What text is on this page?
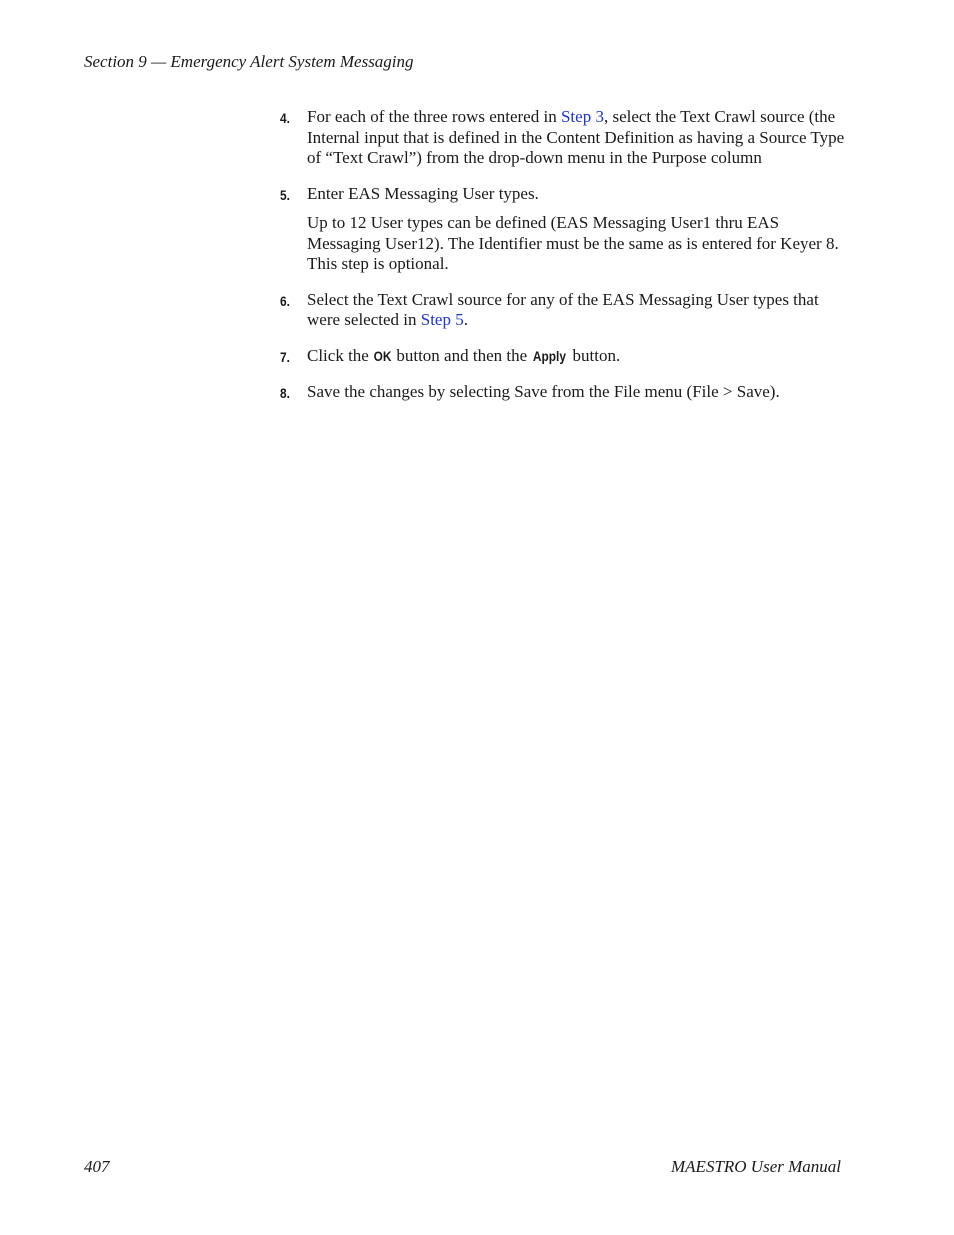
Section 9 — Emergency Alert System Messaging
4.	For each of the three rows entered in Step 3, select the Text Crawl source (the Internal input that is defined in the Content Definition as having a Source Type of “Text Crawl”) from the drop-down menu in the Purpose column

5.	Enter EAS Messaging User types.

Up to 12 User types can be defined (EAS Messaging User1 thru EAS Messaging User12). The Identifier must be the same as is entered for Keyer 8. This step is optional.

6.	Select the Text Crawl source for any of the EAS Messaging User types that were selected in Step 5.

7.	Click the OK button and then the Apply button.

8.	Save the changes by selecting Save from the File menu (File > Save).

407	MAESTRO User Manual
